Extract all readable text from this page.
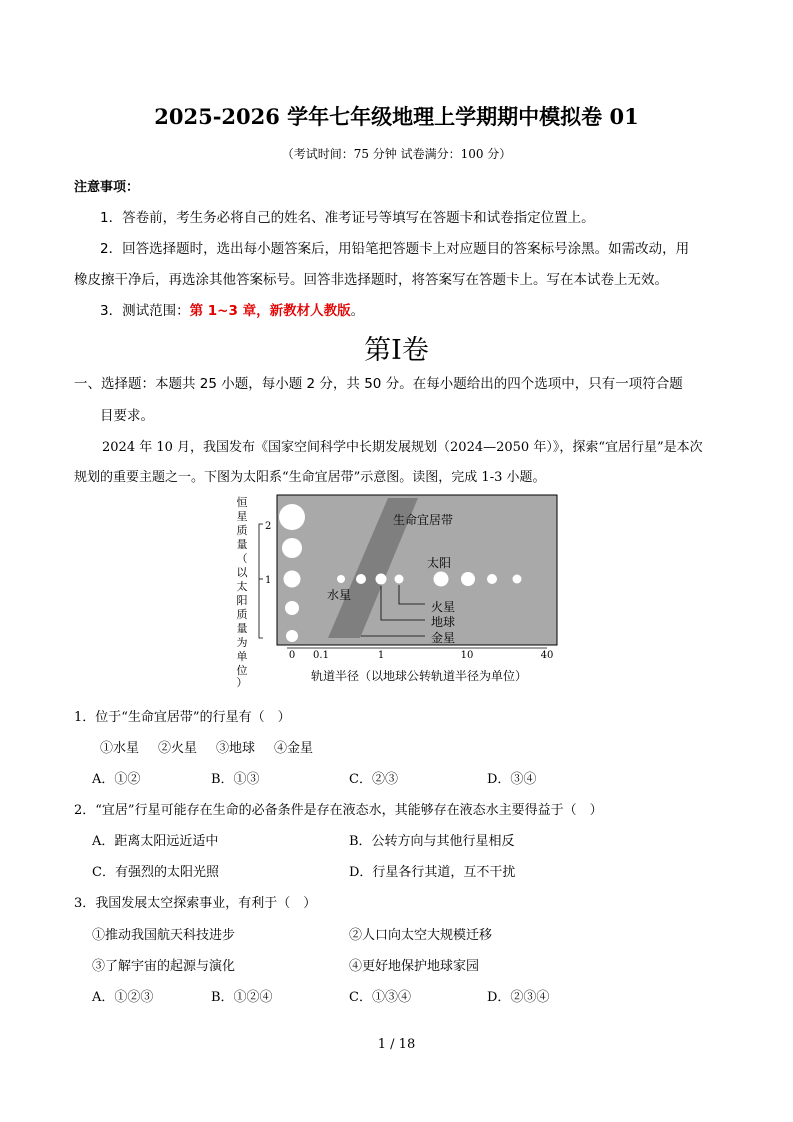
2025-2026 学年七年级地理上学期期中模拟卷 01
（考试时间：75 分钟 试卷满分：100 分）
注意事项：
1．答卷前，考生务必将自己的姓名、准考证号等填写在答题卡和试卷指定位置上。
2．回答选择题时，选出每小题答案后，用铅笔把答题卡上对应题目的答案标号涂黑。如需改动，用
橡皮擦干净后，再选涂其他答案标号。回答非选择题时，将答案写在答题卡上。写在本试卷上无效。
3．测试范围：第 1~3 章，新教材人教版。
第I卷
一、选择题：本题共 25 小题，每小题 2 分，共 50 分。在每小题给出的四个选项中，只有一项符合题
目要求。
2024 年 10 月，我国发布《国家空间科学中长期发展规划（2024—2050 年）》，探索“宜居行星”是本次
规划的重要主题之一。下图为太阳系“生命宜居带”示意图。读图，完成 1-3 小题。
生命宜居带
太阳
水星
火星
地球
金星
恒
星
质
量
（
以
太
阳
质
量
为
单
位
）
2
1
0 0.1	1	10	40
轨道半径（以地球公转轨道半径为单位）
1．位于“生命宜居带”的行星有（　）
①水星 ②火星 ③地球 ④金星
A．①②	B．①③	C．②③	D．③④
2．“宜居”行星可能存在生命的必备条件是存在液态水，其能够存在液态水主要得益于（　）
A．距离太阳远近适中	B．公转方向与其他行星相反
C．有强烈的太阳光照	D．行星各行其道，互不干扰
3．我国发展太空探索事业，有利于（　）
①推动我国航天科技进步	②人口向太空大规模迁移
③了解宇宙的起源与演化	④更好地保护地球家园
A．①②③	B．①②④	C．①③④	D．②③④
1 / 18
